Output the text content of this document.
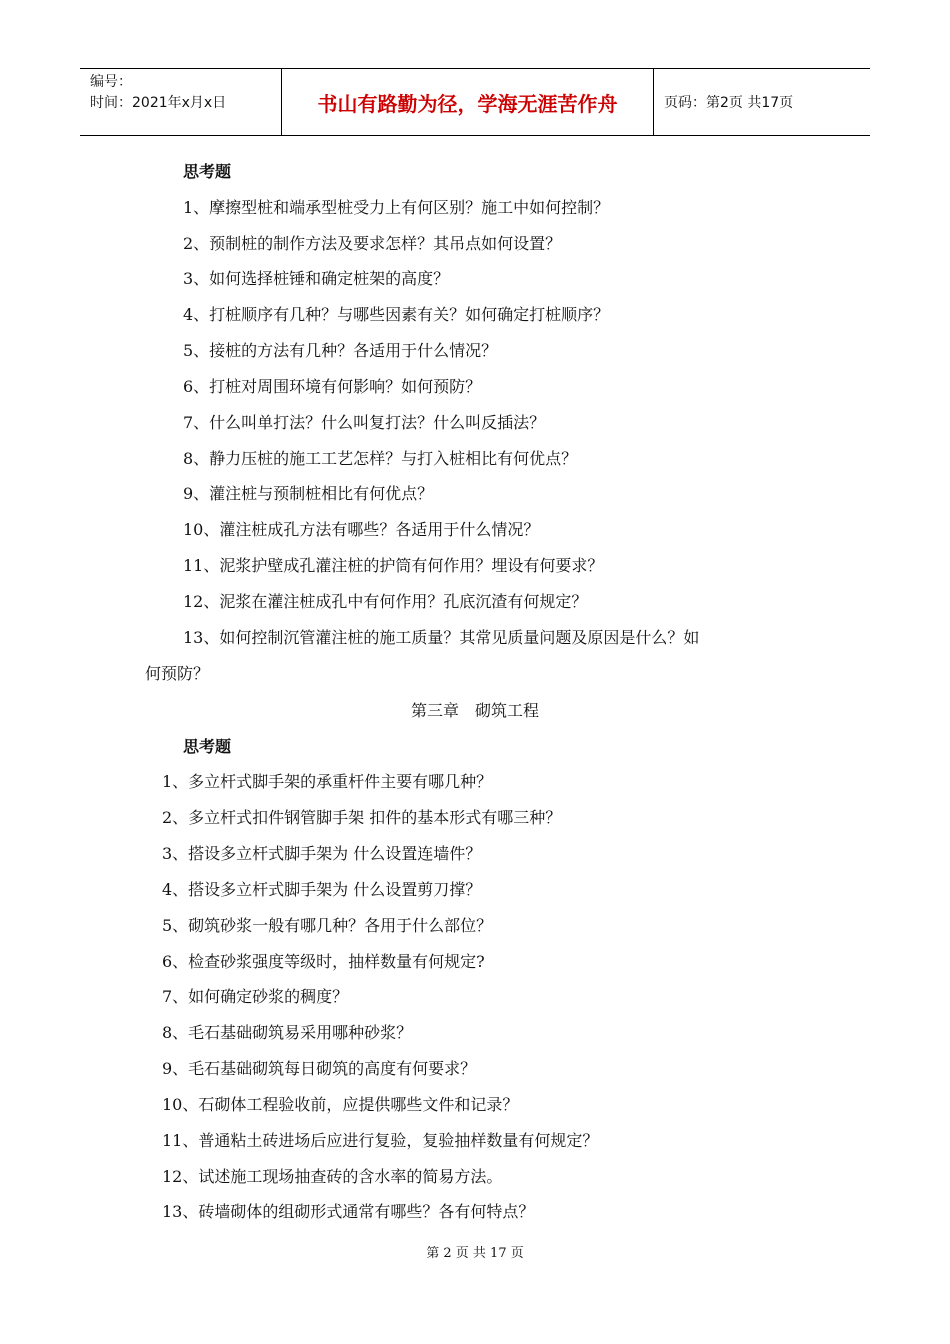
编号：
时间：2021年x月x日	书山有路勤为径，学海无涯苦作舟	页码：第2页 共17页
思考题
1、摩擦型桩和端承型桩受力上有何区别？施工中如何控制？
2、预制桩的制作方法及要求怎样？其吊点如何设置？
3、如何选择桩锤和确定桩架的高度？
4、打桩顺序有几种？与哪些因素有关？如何确定打桩顺序？
5、接桩的方法有几种？各适用于什么情况？
6、打桩对周围环境有何影响？如何预防？
7、什么叫单打法？什么叫复打法？什么叫反插法？
8、静力压桩的施工工艺怎样？与打入桩相比有何优点？
9、灌注桩与预制桩相比有何优点？
10、灌注桩成孔方法有哪些？各适用于什么情况？
11、泥浆护壁成孔灌注桩的护筒有何作用？埋设有何要求？
12、泥浆在灌注桩成孔中有何作用？孔底沉渣有何规定？
13、如何控制沉管灌注桩的施工质量？其常见质量问题及原因是什么？如
何预防？
第三章　砌筑工程
思考题
1、多立杆式脚手架的承重杆件主要有哪几种？
2、多立杆式扣件钢管脚手架 扣件的基本形式有哪三种？
3、搭设多立杆式脚手架为 什么设置连墙件？
4、搭设多立杆式脚手架为 什么设置剪刀撑？
5、砌筑砂浆一般有哪几种？各用于什么部位？
6、检查砂浆强度等级时，抽样数量有何规定?
7、如何确定砂浆的稠度？
8、毛石基础砌筑易采用哪种砂浆？
9、毛石基础砌筑每日砌筑的高度有何要求？
10、石砌体工程验收前，应提供哪些文件和记录？
11、普通粘土砖进场后应进行复验，复验抽样数量有何规定？
12、试述施工现场抽查砖的含水率的简易方法。
13、砖墙砌体的组砌形式通常有哪些？各有何特点？
第 2 页 共 17 页
